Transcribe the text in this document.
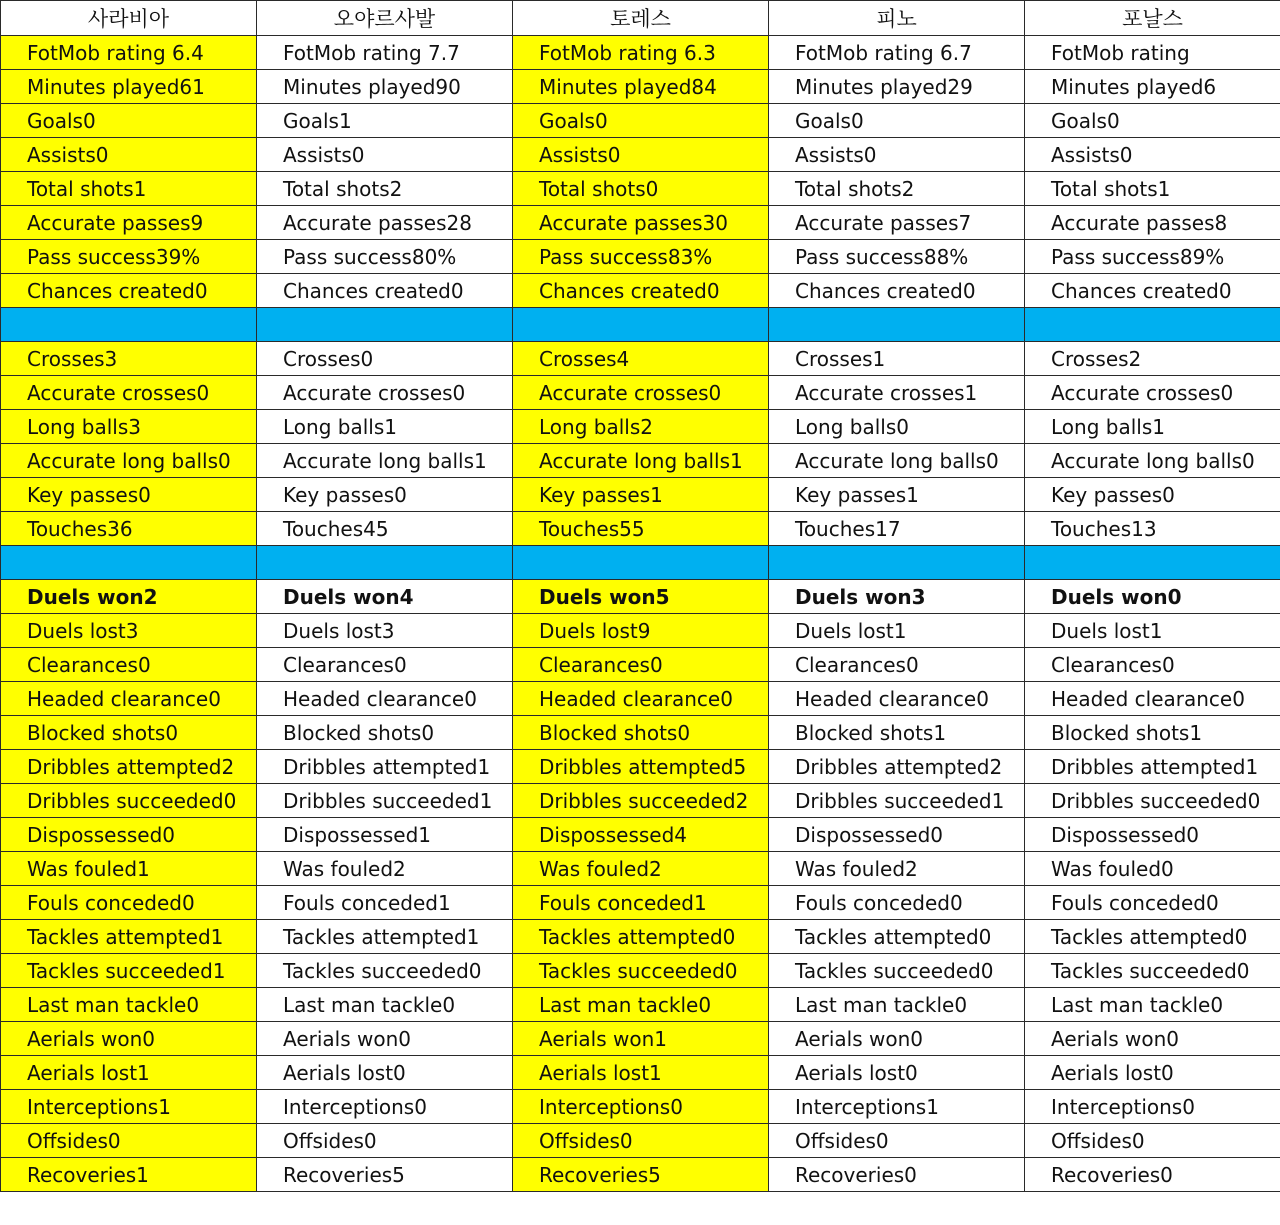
사라비아	오야르사발	토레스	피노	포날스
FotMob rating 6.4	FotMob rating 7.7	FotMob rating 6.3	FotMob rating 6.7	FotMob rating
Minutes played61	Minutes played90	Minutes played84	Minutes played29	Minutes played6
Goals0	Goals1	Goals0	Goals0	Goals0
Assists0	Assists0	Assists0	Assists0	Assists0
Total shots1	Total shots2	Total shots0	Total shots2	Total shots1
Accurate passes9	Accurate passes28	Accurate passes30	Accurate passes7	Accurate passes8
Pass success39%	Pass success80%	Pass success83%	Pass success88%	Pass success89%
Chances created0	Chances created0	Chances created0	Chances created0	Chances created0

Crosses3	Crosses0	Crosses4	Crosses1	Crosses2
Accurate crosses0	Accurate crosses0	Accurate crosses0	Accurate crosses1	Accurate crosses0
Long balls3	Long balls1	Long balls2	Long balls0	Long balls1
Accurate long balls0	Accurate long balls1	Accurate long balls1	Accurate long balls0	Accurate long balls0
Key passes0	Key passes0	Key passes1	Key passes1	Key passes0
Touches36	Touches45	Touches55	Touches17	Touches13

Duels won2	Duels won4	Duels won5	Duels won3	Duels won0
Duels lost3	Duels lost3	Duels lost9	Duels lost1	Duels lost1
Clearances0	Clearances0	Clearances0	Clearances0	Clearances0
Headed clearance0	Headed clearance0	Headed clearance0	Headed clearance0	Headed clearance0
Blocked shots0	Blocked shots0	Blocked shots0	Blocked shots1	Blocked shots1
Dribbles attempted2	Dribbles attempted1	Dribbles attempted5	Dribbles attempted2	Dribbles attempted1
Dribbles succeeded0	Dribbles succeeded1	Dribbles succeeded2	Dribbles succeeded1	Dribbles succeeded0
Dispossessed0	Dispossessed1	Dispossessed4	Dispossessed0	Dispossessed0
Was fouled1	Was fouled2	Was fouled2	Was fouled2	Was fouled0
Fouls conceded0	Fouls conceded1	Fouls conceded1	Fouls conceded0	Fouls conceded0
Tackles attempted1	Tackles attempted1	Tackles attempted0	Tackles attempted0	Tackles attempted0
Tackles succeeded1	Tackles succeeded0	Tackles succeeded0	Tackles succeeded0	Tackles succeeded0
Last man tackle0	Last man tackle0	Last man tackle0	Last man tackle0	Last man tackle0
Aerials won0	Aerials won0	Aerials won1	Aerials won0	Aerials won0
Aerials lost1	Aerials lost0	Aerials lost1	Aerials lost0	Aerials lost0
Interceptions1	Interceptions0	Interceptions0	Interceptions1	Interceptions0
Offsides0	Offsides0	Offsides0	Offsides0	Offsides0
Recoveries1	Recoveries5	Recoveries5	Recoveries0	Recoveries0
